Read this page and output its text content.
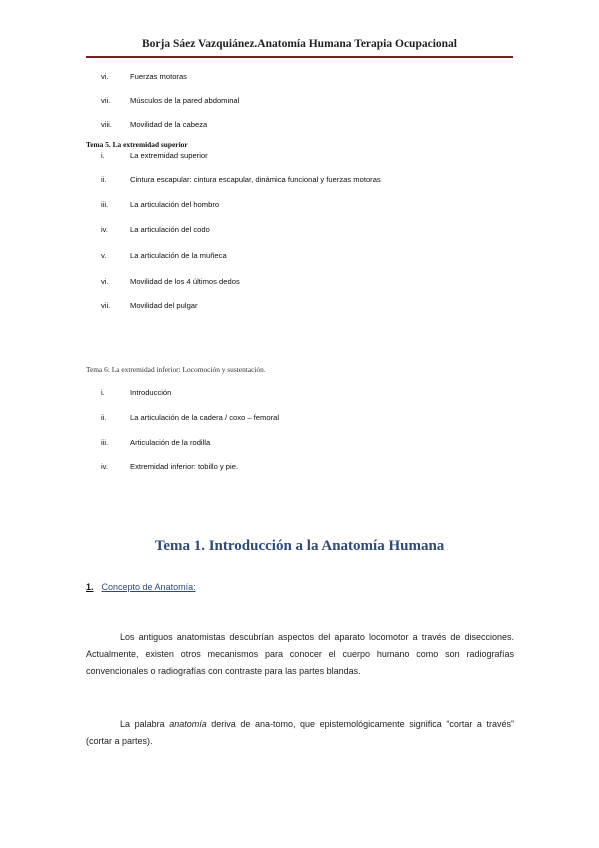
Borja Sáez Vazquiánez.Anatomía Humana Terapia Ocupacional
vi.	Fuerzas motoras
vii.	Músculos de la pared abdominal
viii.	Movilidad de la cabeza
Tema 5. La extremidad superior
i.	La extremidad superior
ii.	Cintura escapular: cintura escapular, dinámica funcional y fuerzas motoras
iii.	La articulación del hombro
iv.	La articulación del codo
v.	La articulación de la muñeca
vi.	Movilidad de los 4 últimos dedos
vii.	Movilidad del pulgar
Tema 6: La extremidad inferior: Locomoción y sustentación.
i.	Introducción
ii.	La articulación de la cadera / coxo – femoral
iii.	Articulación de la rodilla
iv.	Extremidad inferior: tobillo y pie.
Tema 1. Introducción a la Anatomía Humana
1. Concepto de Anatomía:
Los antiguos anatomistas descubrían aspectos del aparato locomotor a través de disecciones. Actualmente, existen otros mecanismos para conocer el cuerpo humano como son radiografías convencionales o radiografías con contraste para las partes blandas.
La palabra anatomía deriva de ana-tomo, que epistemológicamente significa “cortar a través” (cortar a partes).
